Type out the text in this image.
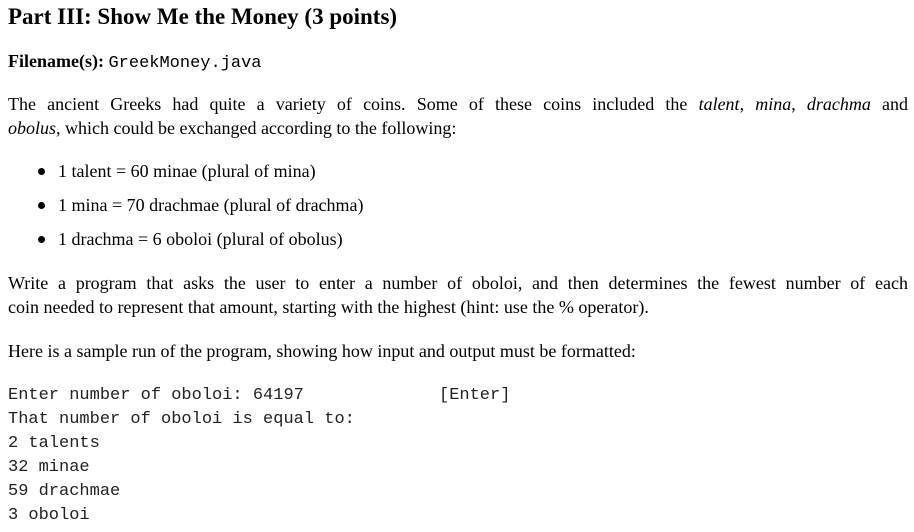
Part III: Show Me the Money (3 points)
Filename(s): GreekMoney.java
The ancient Greeks had quite a variety of coins. Some of these coins included the talent, mina, drachma and
obolus, which could be exchanged according to the following:
1 talent = 60 minae (plural of mina)
1 mina = 70 drachmae (plural of drachma)
1 drachma = 6 oboloi (plural of obolus)
Write a program that asks the user to enter a number of oboloi, and then determines the fewest number of each
coin needed to represent that amount, starting with the highest (hint: use the % operator).
Here is a sample run of the program, showing how input and output must be formatted:
Enter number of oboloi: 64197	[Enter]
That number of oboloi is equal to:
2 talents
32 minae
59 drachmae
3 oboloi
